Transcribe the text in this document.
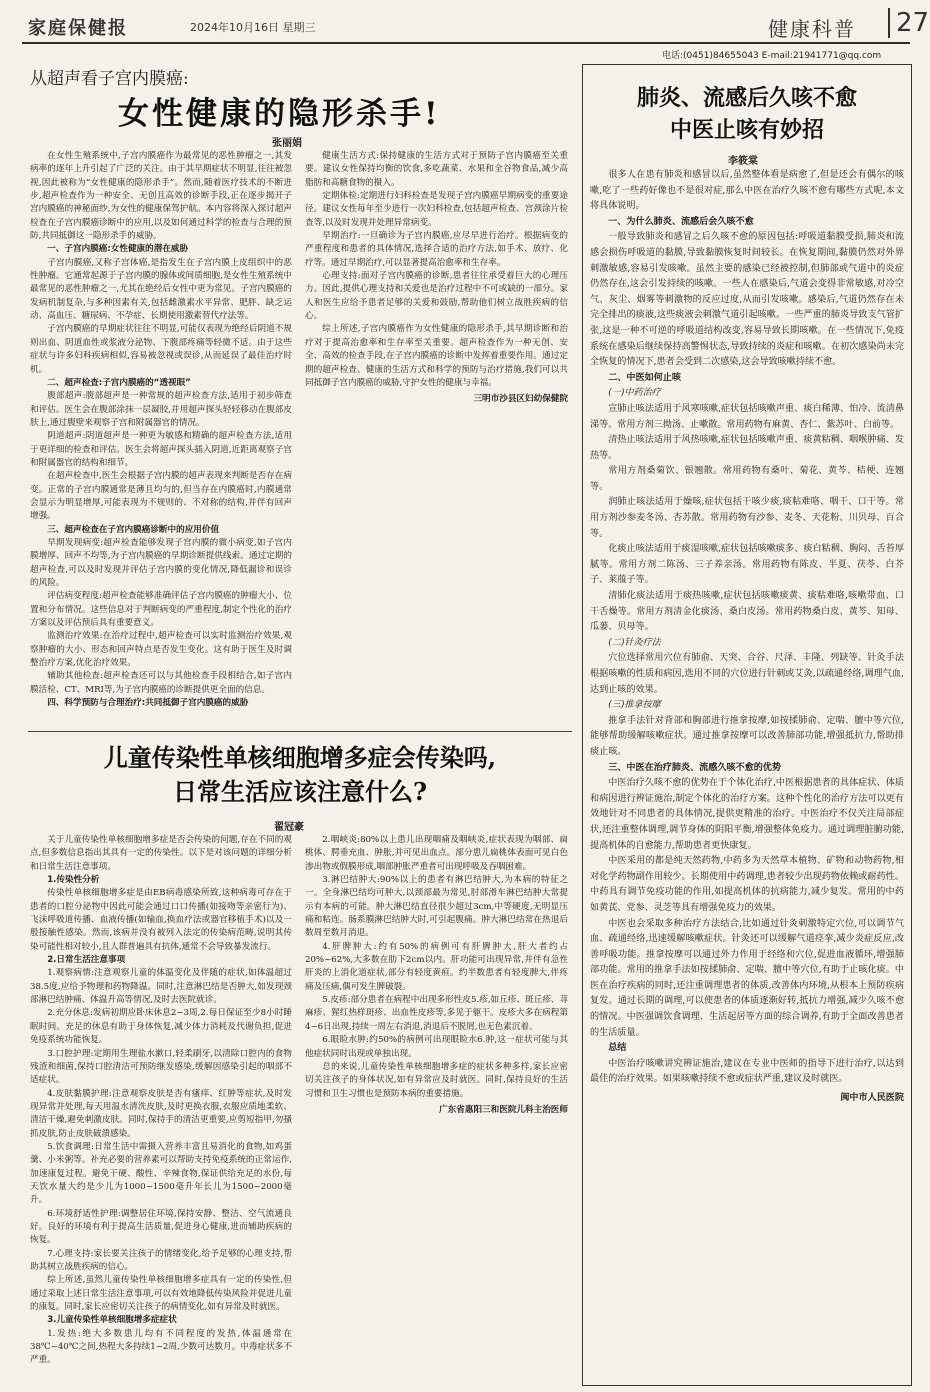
家庭保健报	2024年10月16日 星期三	健康科普	27
电话:(0451)84655043 E-mail:21941771@qq.com
从超声看子宫内膜癌:
女性健康的隐形杀手!
张丽娟

在女性生殖系统中,子宫内膜癌作为最常见的恶性肿瘤之一,其发病率的逐年上升引起了广泛的关注。由于其早期症状不明显,往往被忽视,因此被称为“女性健康的隐形杀手”。然而,随着医疗技术的不断进步,超声检查作为一种安全、无创且高效的诊断手段,正在逐步揭开子宫内膜癌的神秘面纱,为女性的健康保驾护航。本内容将深入探讨超声检查在子宫内膜癌诊断中的应用,以及如何通过科学的检查与合理的预防,共同抵御这一隐形杀手的威胁。

一、子宫内膜癌:女性健康的潜在威胁

子宫内膜癌,又称子宫体癌,是指发生在子宫内膜上皮组织中的恶性肿瘤。它通常起源于子宫内膜的腺体或间质细胞,是女性生殖系统中最常见的恶性肿瘤之一,尤其在绝经后女性中更为常见。子宫内膜癌的发病机制复杂,与多种因素有关,包括雌激素水平异常、肥胖、缺乏运动、高血压、糖尿病、不孕症、长期使用激素替代疗法等。

子宫内膜癌的早期症状往往不明显,可能仅表现为绝经后阴道不规则出血、阴道血性或浆液分泌物、下腹部疼痛等轻微不适。由于这些症状与许多妇科疾病相似,容易被忽视或误诊,从而延误了最佳治疗时机。

二、超声检查:子宫内膜癌的“透视眼”

腹部超声:腹部超声是一种常规的超声检查方法,适用于初步筛查和评估。医生会在腹部涂抹一层凝胶,并用超声探头轻轻移动在腹部皮肤上,通过腹壁来观察子宫和附属器官的情况。

阴道超声:阴道超声是一种更为敏感和精确的超声检查方法,适用于更详细的检查和评估。医生会将超声探头插入阴道,近距离观察子宫和附属器官的结构和细节。

在超声检查中,医生会根据子宫内膜的超声表现来判断是否存在病变。正常的子宫内膜通常是薄且均匀的,但当存在内膜癌时,内膜通常会显示为明显增厚,可能表现为不规则的、不对称的结构,并伴有回声增强。

三、超声检查在子宫内膜癌诊断中的应用价值

早期发现病变:超声检查能够发现子宫内膜的微小病变,如子宫内膜增厚、回声不均等,为子宫内膜癌的早期诊断提供线索。通过定期的超声检查,可以及时发现并评估子宫内膜的变化情况,降低漏诊和误诊的风险。

评估病变程度:超声检查能够准确评估子宫内膜癌的肿瘤大小、位置和分布情况。这些信息对于判断病变的严重程度,制定个性化的治疗方案以及评估预后具有重要意义。

监测治疗效果:在治疗过程中,超声检查可以实时监测治疗效果,观察肿瘤的大小、形态和回声特点是否发生变化。这有助于医生及时调整治疗方案,优化治疗效果。

辅助其他检查:超声检查还可以与其他检查手段相结合,如子宫内膜活检、CT、MRI等,为子宫内膜癌的诊断提供更全面的信息。

四、科学预防与合理治疗:共同抵御子宫内膜癌的威胁

健康生活方式:保持健康的生活方式对于预防子宫内膜癌至关重要。建议女性保持均衡的饮食,多吃蔬菜、水果和全谷物食品,减少高脂肪和高糖食物的摄入。

定期体检:定期进行妇科检查是发现子宫内膜癌早期病变的重要途径。建议女性每年至少进行一次妇科检查,包括超声检查、宫颈涂片检查等,以及时发现并处理异常病变。

早期治疗:一旦确诊为子宫内膜癌,应尽早进行治疗。根据病变的严重程度和患者的具体情况,选择合适的治疗方法,如手术、放疗、化疗等。通过早期治疗,可以显著提高治愈率和生存率。

心理支持:面对子宫内膜癌的诊断,患者往往承受着巨大的心理压力。因此,提供心理支持和关爱也是治疗过程中不可或缺的一部分。家人和医生应给予患者足够的关爱和鼓励,帮助他们树立战胜疾病的信心。

综上所述,子宫内膜癌作为女性健康的隐形杀手,其早期诊断和治疗对于提高治愈率和生存率至关重要。超声检查作为一种无创、安全、高效的检查手段,在子宫内膜癌的诊断中发挥着重要作用。通过定期的超声检查、健康的生活方式和科学的预防与治疗措施,我们可以共同抵御子宫内膜癌的威胁,守护女性的健康与幸福。

三明市沙县区妇幼保健院

儿童传染性单核细胞增多症会传染吗,
日常生活应该注意什么?
翟冠豪

关于儿童传染性单核细胞增多症是否会传染的问题,存在不同的观点,但多数信息指出其具有一定的传染性。以下是对该问题的详细分析和日常生活注意事项。

1.传染性分析

传染性单核细胞增多症是由EB病毒感染所致,这种病毒可存在于患者的口腔分泌物中因此可能会通过口口传播(如接吻等亲密行为)、飞沫呼吸道传播、血液传播(如输血,换血疗法或器官移植手术)以及一般接触性感染。然而,该病并没有被列入法定的传染病范畴,说明其传染可能性相对较小,且人群普遍具有抗体,通常不会导致暴发流行。

2.日常生活注意事项

1.观察病情:注意观察儿童的体温变化及伴随的症状,如体温超过38.5度,应给予物理和药物降温。同时,注意淋巴结是否肿大,如发现颈部淋巴结肿痛、体温升高等情况,及时去医院就诊。

2.充分休息:发病初期应卧床休息2~3周,2.每日保证至少8小时睡眠时间。充足的休息有助于身体恢复,减少体力消耗及代谢负担,促进免疫系统功能恢复。

3.口腔护理:定期用生理盐水漱口,轻柔刷牙,以清除口腔内的食物残渣和细菌,保持口腔清洁可预防继发感染,缓解因感染引起的咽部不适症状。

4.皮肤黏膜护理:注意观察皮肤是否有瘙痒、红肿等症状,及时发现异常并处理,每天用温水清洗皮肤,及时更换衣服,衣服应质地柔软、清洁干燥,避免刺激皮肤。同时,保持手的清洁更重要,应剪短指甲,勿搔抓皮肤,防止皮肤破溃感染。

5.饮食调理:日常生活中需摄入营养丰富且易消化的食物,如鸡蛋羹、小米粥等。补充必要的营养素可以帮助支持免疫系统的正常运作,加速康复过程。避免干硬、酸性、辛辣食物,保证供给充足的水份,每天饮水量大约是少儿为1000~1500毫升年长儿为1500~2000毫升。

6.环境舒适性护理:调整居住环境,保持安静、整洁、空气流通良好。良好的环境有利于提高生活质量,促进身心健康,进而辅助疾病的恢复。

7.心理支持:家长要关注孩子的情绪变化,给予足够的心理支持,帮助其树立战胜疾病的信心。

综上所述,虽然儿童传染性单核细胞增多症具有一定的传染性,但通过采取上述日常生活注意事项,可以有效地降低传染风险并促进儿童的康复。同时,家长应密切关注孩子的病情变化,如有异常及时就医。

3.儿童传染性单核细胞增多症症状

1.发热:绝大多数患儿均有不同程度的发热,体温通常在38℃~40℃之间,热程大多持续1~2周,少数可达数月。中毒症状多不严重。

2.咽峡炎:80%以上患儿出现咽痛及咽峡炎,症状表现为咽部、扁桃体、腭垂充血、肿胀,并可见出血点。部分患儿扁桃体表面可见白色渗出物或假膜形成,咽部肿胀严重者可出现呼吸及吞咽困难。

3.淋巴结肿大:90%以上的患者有淋巴结肿大,为本病的特征之一。全身淋巴结均可肿大,以颈部最为常见,肘部滑车淋巴结肿大常提示有本病的可能。肿大淋巴结直径很少超过3cm,中等硬度,无明显压痛和粘连。肠系膜淋巴结肿大时,可引起腹痛。肿大淋巴结常在热退后数周至数月消退。

4.肝脾肿大:约有50%的病例可有肝脾肿大,肝大者约占20%~62%,大多数在肋下2cm以内。肝功能可出现异常,并伴有急性肝炎的上消化道症状,部分有轻度黄疸。约半数患者有轻度脾大,伴疼痛及压痛,偶可发生脾破裂。

5.皮疹:部分患者在病程中出现多形性皮5.疹,如丘疹、斑丘疹、荨麻疹、猩红热样斑疹、出血性皮疹等,多见于躯干。皮疹大多在病程第4~6日出现,持续一周左右消退,消退后不脱屑,也无色素沉着。

6.眼睑水肿:约50%的病例可出现眼睑水6.肿,这一症状可能与其他症状同时出现或单独出现。

总的来说,儿童传染性单核细胞增多症的症状多种多样,家长应密切关注孩子的身体状况,如有异常应及时就医。同时,保持良好的生活习惯和卫生习惯也是预防本病的重要措施。

广东省惠阳三和医院儿科主治医师

肺炎、流感后久咳不愈
中医止咳有妙招
李筱棠

很多人在患有肺炎和感冒以后,虽然整体看是病愈了,但是还会有偶尔的咳嗽,吃了一些药好像也不是很对症,那么中医在治疗久咳不愈有哪些方式呢,本文将具体说明。

一、为什么肺炎、流感后会久咳不愈

一般导致肺炎和感冒之后久咳不愈的原因包括:呼吸道黏膜受损,肺炎和流感会损伤呼吸道的黏膜,导致黏膜恢复时间较长。在恢复期间,黏膜仍然对外界刺激敏感,容易引发咳嗽。虽然主要的感染已经被控制,但肺部或气道中的炎症仍然存在,这会引发持续的咳嗽。一些人在感染后,气道会变得非常敏感,对冷空气、灰尘、烟雾等刺激物的反应过度,从而引发咳嗽。感染后,气道仍然存在未完全排出的痰液,这些痰液会刺激气道引起咳嗽。一些严重的肺炎导致支气管扩张,这是一种不可逆的呼吸道结构改变,容易导致长期咳嗽。在一些情况下,免疫系统在感染后继续保持高警惕状态,导致持续的炎症和咳嗽。在初次感染尚未完全恢复的情况下,患者会受到二次感染,这会导致咳嗽持续不愈。

二、中医如何止咳

(一)中药治疗

宣肺止咳法适用于风寒咳嗽,症状包括咳嗽声重、痰白稀薄、怕冷、流清鼻涕等。常用方剂三拗汤、止嗽散。常用药物有麻黄、杏仁、紫苏叶、白前等。

清热止咳法适用于风热咳嗽,症状包括咳嗽声重、痰黄粘稠、咽喉肿痛、发热等。

常用方剂桑菊饮、银翘散。常用药物有桑叶、菊花、黄芩、桔梗、连翘等。

润肺止咳法适用于燥咳,症状包括干咳少痰,痰粘难咯、咽干、口干等。常用方剂沙参麦冬汤、杏苏散。常用药物有沙参、麦冬、天花粉、川贝母、百合等。

化痰止咳法适用于痰湿咳嗽,症状包括咳嗽痰多、痰白粘稠、胸闷、舌苔厚腻等。常用方剂二陈汤、三子养亲汤。常用药物有陈皮、半夏、茯苓、白芥子、莱菔子等。

清肺化痰法适用于痰热咳嗽,症状包括咳嗽痰黄、痰粘难咯,咳嗽带血、口干舌燥等。常用方剂清金化痰汤、桑白皮汤。常用药物桑白皮、黄芩、知母、瓜蒌、贝母等。

(二)针灸疗法

穴位选择常用穴位有肺俞、天突、合谷、尺泽、丰隆、列缺等。针灸手法根据咳嗽的性质和病因,选用不同的穴位进行针刺或艾灸,以疏通经络,调理气血,达到止咳的效果。

(三)推拿按摩

推拿手法针对背部和胸部进行推拿按摩,如按揉肺俞、定喘、膻中等穴位,能够帮助缓解咳嗽症状。通过推拿按摩可以改善肺部功能,增强抵抗力,帮助排痰止咳。

三、中医在治疗肺炎、流感久咳不愈的优势

中医治疗久咳不愈的优势在于个体化治疗,中医根据患者的具体症状、体质和病因进行辨证施治,制定个体化的治疗方案。这种个性化的治疗方法可以更有效地针对不同患者的具体情况,提供更精准的治疗。中医治疗不仅关注局部症状,还注重整体调理,调节身体的阴阳平衡,增强整体免疫力。通过调理脏腑功能,提高机体的自愈能力,帮助患者更快康复。

中医采用的都是纯天然药物,中药多为天然草本植物、矿物和动物药物,相对化学药物副作用较少。长期使用中药调理,患者较少出现药物依赖或耐药性。中药具有调节免疫功能的作用,如提高机体的抗病能力,减少复发。常用的中药如黄芪、党参、灵芝等具有增强免疫力的效果。

中医也会采取多种治疗方法结合,比如通过针灸刺激特定穴位,可以调节气血、疏通经络,迅速缓解咳嗽症状。针灸还可以缓解气道痉挛,减少炎症反应,改善呼吸功能。推拿按摩可以通过外力作用于经络和穴位,促进血液循环,增强肺部功能。常用的推拿手法如按揉肺俞、定喘、膻中等穴位,有助于止咳化痰。中医在治疗疾病的同时,还注重调理患者的体质,改善体内环境,从根本上预防疾病复发。通过长期的调理,可以使患者的体质逐渐好转,抵抗力增强,减少久咳不愈的情况。中医强调饮食调理、生活起居等方面的综合调养,有助于全面改善患者的生活质量。

总结

中医治疗咳嗽讲究辨证施治,建议在专业中医师的指导下进行治疗,以达到最佳的治疗效果。如果咳嗽持续不愈或症状严重,建议及时就医。

闽中市人民医院
